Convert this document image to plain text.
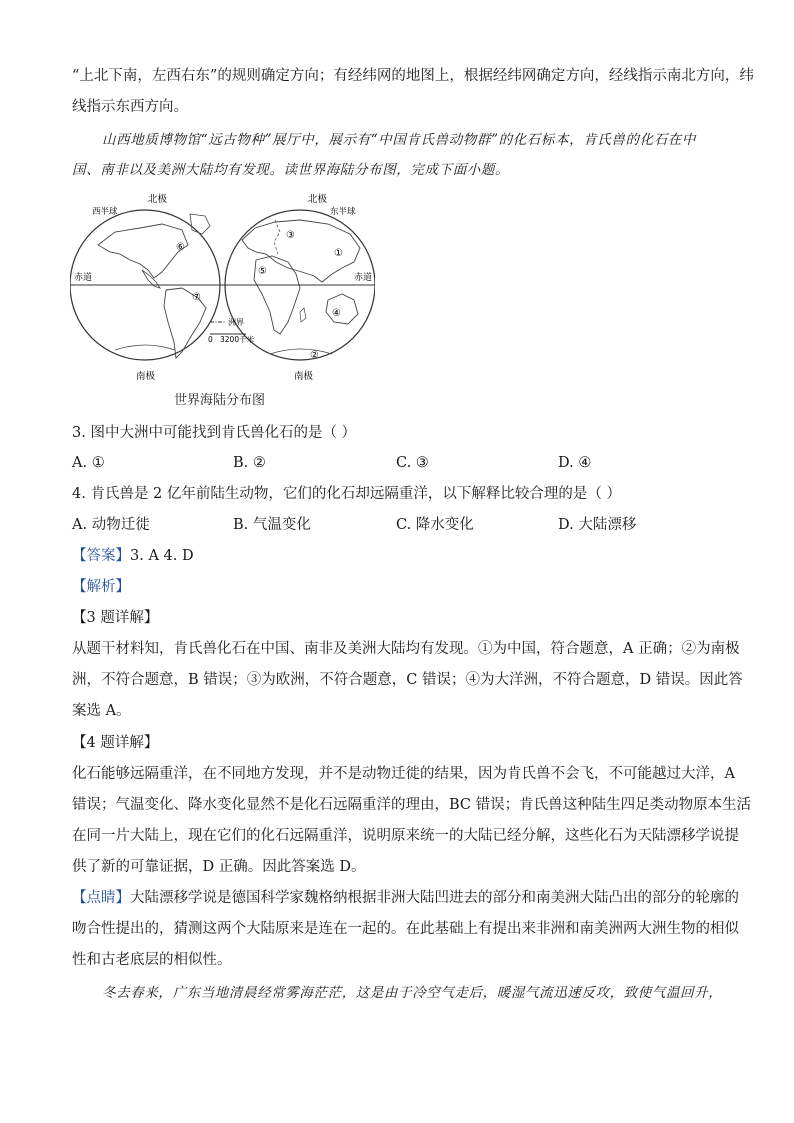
“上北下南，左西右东”的规则确定方向；有经纬网的地图上，根据经纬网确定方向，经线指示南北方向，纬
线指示东西方向。
山西地质博物馆“远古物种”展厅中，展示有“中国肯氏兽动物群”的化石标本，肯氏兽的化石在中
国、南非以及美洲大陆均有发现。读世界海陆分布图，完成下面小题。
北极	北极
西半球	东半球
赤道	赤道
南极	南极
⑥
⑦
⑤
③
①
④
②
洲界
0 3200千米
世界海陆分布图
3. 图中大洲中可能找到肯氏兽化石的是（ ）
A. ①	B. ②	C. ③	D. ④
4. 肯氏兽是 2 亿年前陆生动物，它们的化石却远隔重洋，以下解释比较合理的是（ ）
A. 动物迁徙	B. 气温变化	C. 降水变化	D. 大陆漂移
【答案】3. A 4. D
【解析】
【3 题详解】
从题干材料知，肯氏兽化石在中国、南非及美洲大陆均有发现。①为中国，符合题意，A 正确；②为南极
洲，不符合题意，B 错误；③为欧洲，不符合题意，C 错误；④为大洋洲，不符合题意，D 错误。因此答
案选 A。
【4 题详解】
化石能够远隔重洋，在不同地方发现，并不是动物迁徙的结果，因为肯氏兽不会飞，不可能越过大洋，A
错误；气温变化、降水变化显然不是化石远隔重洋的理由，BC 错误；肯氏兽这种陆生四足类动物原本生活
在同一片大陆上，现在它们的化石远隔重洋，说明原来统一的大陆已经分解，这些化石为天陆漂移学说提
供了新的可靠证据，D 正确。因此答案选 D。
【点睛】大陆漂移学说是德国科学家魏格纳根据非洲大陆凹进去的部分和南美洲大陆凸出的部分的轮廓的
吻合性提出的，猜测这两个大陆原来是连在一起的。在此基础上有提出来非洲和南美洲两大洲生物的相似
性和古老底层的相似性。
冬去春来，广东当地清晨经常雾海茫茫，这是由于冷空气走后，暖湿气流迅速反攻，致使气温回升，
